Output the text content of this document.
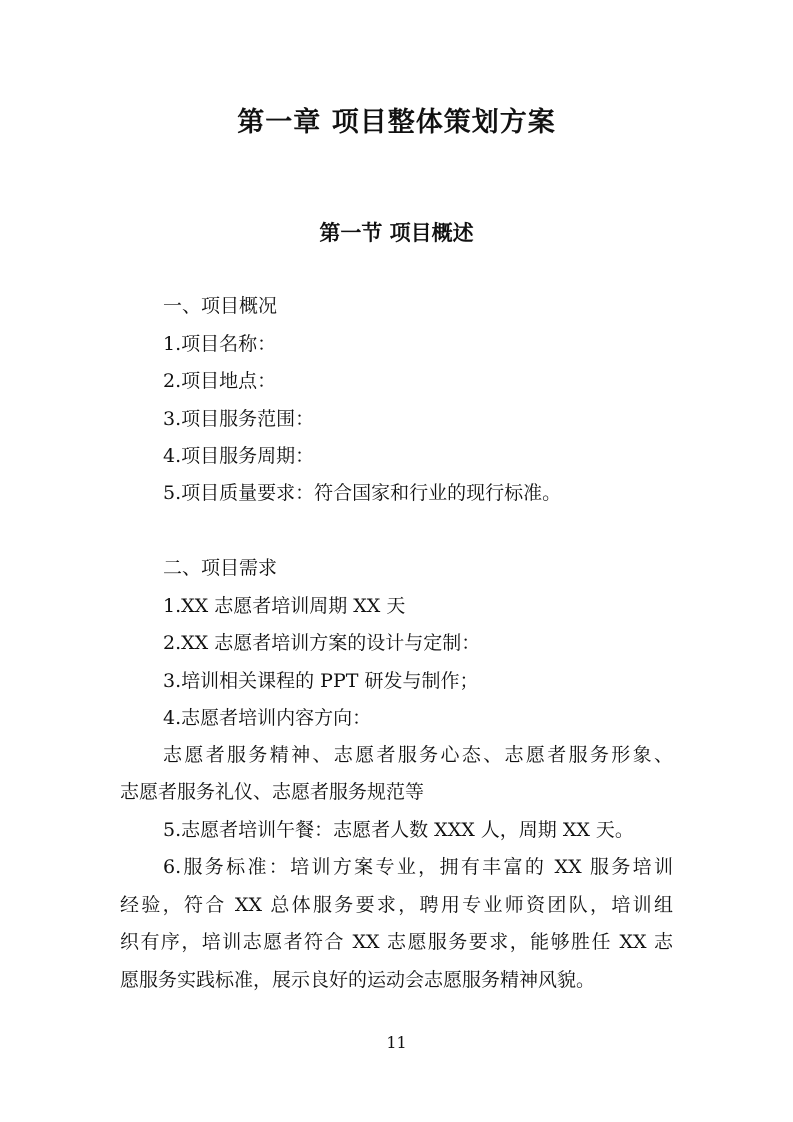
第一章 项目整体策划方案
第一节 项目概述
一、项目概况
1.项目名称：
2.项目地点：
3.项目服务范围：
4.项目服务周期：
5.项目质量要求：符合国家和行业的现行标准。
二、项目需求
1.XX 志愿者培训周期 XX 天
2.XX 志愿者培训方案的设计与定制：
3.培训相关课程的 PPT 研发与制作；
4.志愿者培训内容方向：
志愿者服务精神、志愿者服务心态、志愿者服务形象、
志愿者服务礼仪、志愿者服务规范等
5.志愿者培训午餐：志愿者人数 XXX 人，周期 XX 天。
6.服务标准：培训方案专业，拥有丰富的 XX 服务培训
经验，符合 XX 总体服务要求，聘用专业师资团队，培训组
织有序，培训志愿者符合 XX 志愿服务要求，能够胜任 XX 志
愿服务实践标准，展示良好的运动会志愿服务精神风貌。
11
